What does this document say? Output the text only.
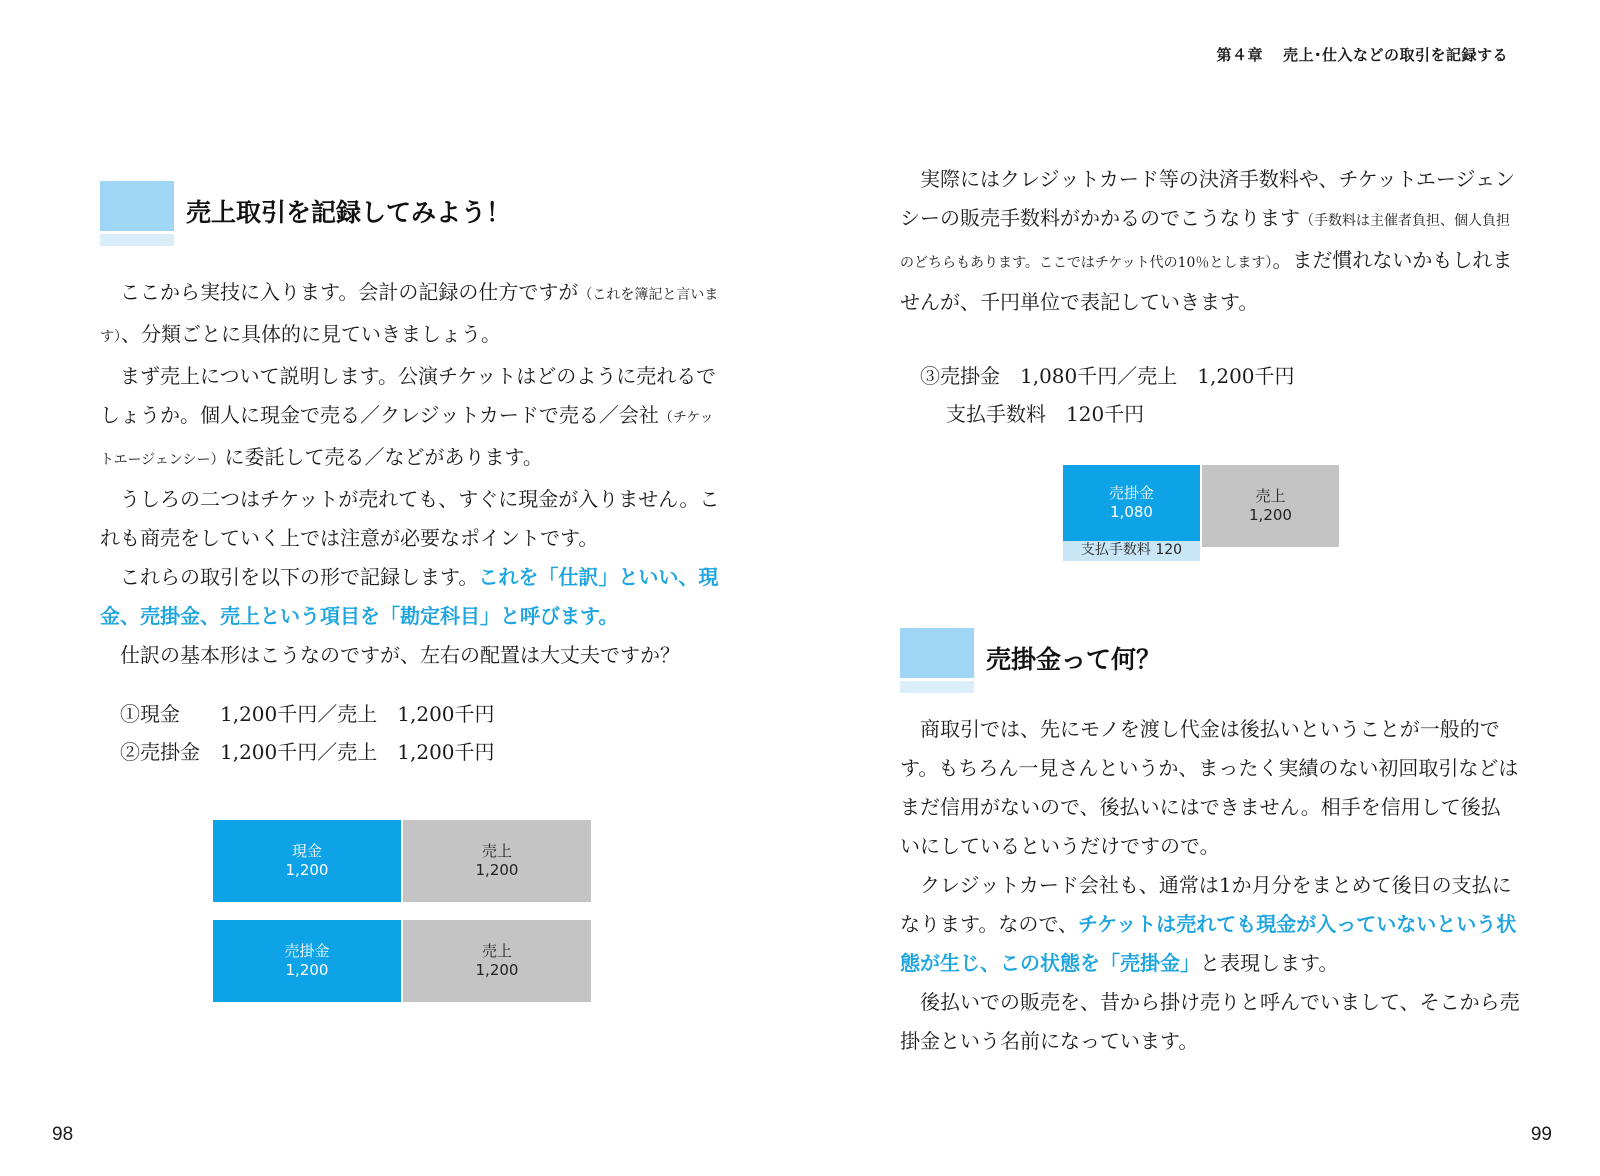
第４章 売上･仕入などの取引を記録する
売上取引を記録してみよう！

　ここから実技に入ります。会計の記録の仕方ですが（これを簿記と言います）、分類ごとに具体的に見ていきましょう。

　まず売上について説明します。公演チケットはどのように売れるでしょうか。個人に現金で売る／クレジットカードで売る／会社（チケットエージェンシー）に委託して売る／などがあります。

　うしろの二つはチケットが売れても、すぐに現金が入りません。これも商売をしていく上では注意が必要なポイントです。

　これらの取引を以下の形で記録します。これを「仕訳」といい、現金、売掛金、売上という項目を「勘定科目」と呼びます。

　仕訳の基本形はこうなのですが、左右の配置は大丈夫ですか？

①現金 1,200千円／売上　 1,200千円
②売掛金　 1,200千円／売上　 1,200千円
現金
1,200
売上
1,200
売掛金
1,200
売上
1,200
98

　実際にはクレジットカード等の決済手数料や、チケットエージェンシーの販売手数料がかかるのでこうなります（手数料は主催者負担、個人負担のどちらもあります。ここではチケット代の10％とします）。まだ慣れないかもしれませんが、千円単位で表記していきます。

③売掛金　 1,080千円／売上　 1,200千円
支払手数料　 120千円
売掛金
1,080
支払手数料 120
売上
1,200
売掛金って何？

　商取引では、先にモノを渡し代金は後払いということが一般的です。もちろん一見さんというか、まったく実績のない初回取引などはまだ信用がないので、後払いにはできません。相手を信用して後払いにしているというだけですので。

　クレジットカード会社も、通常は1か月分をまとめて後日の支払になります。なので、チケットは売れても現金が入っていないという状態が生じ、この状態を「売掛金」と表現します。

　後払いでの販売を、昔から掛け売りと呼んでいまして、そこから売掛金という名前になっています。

99
